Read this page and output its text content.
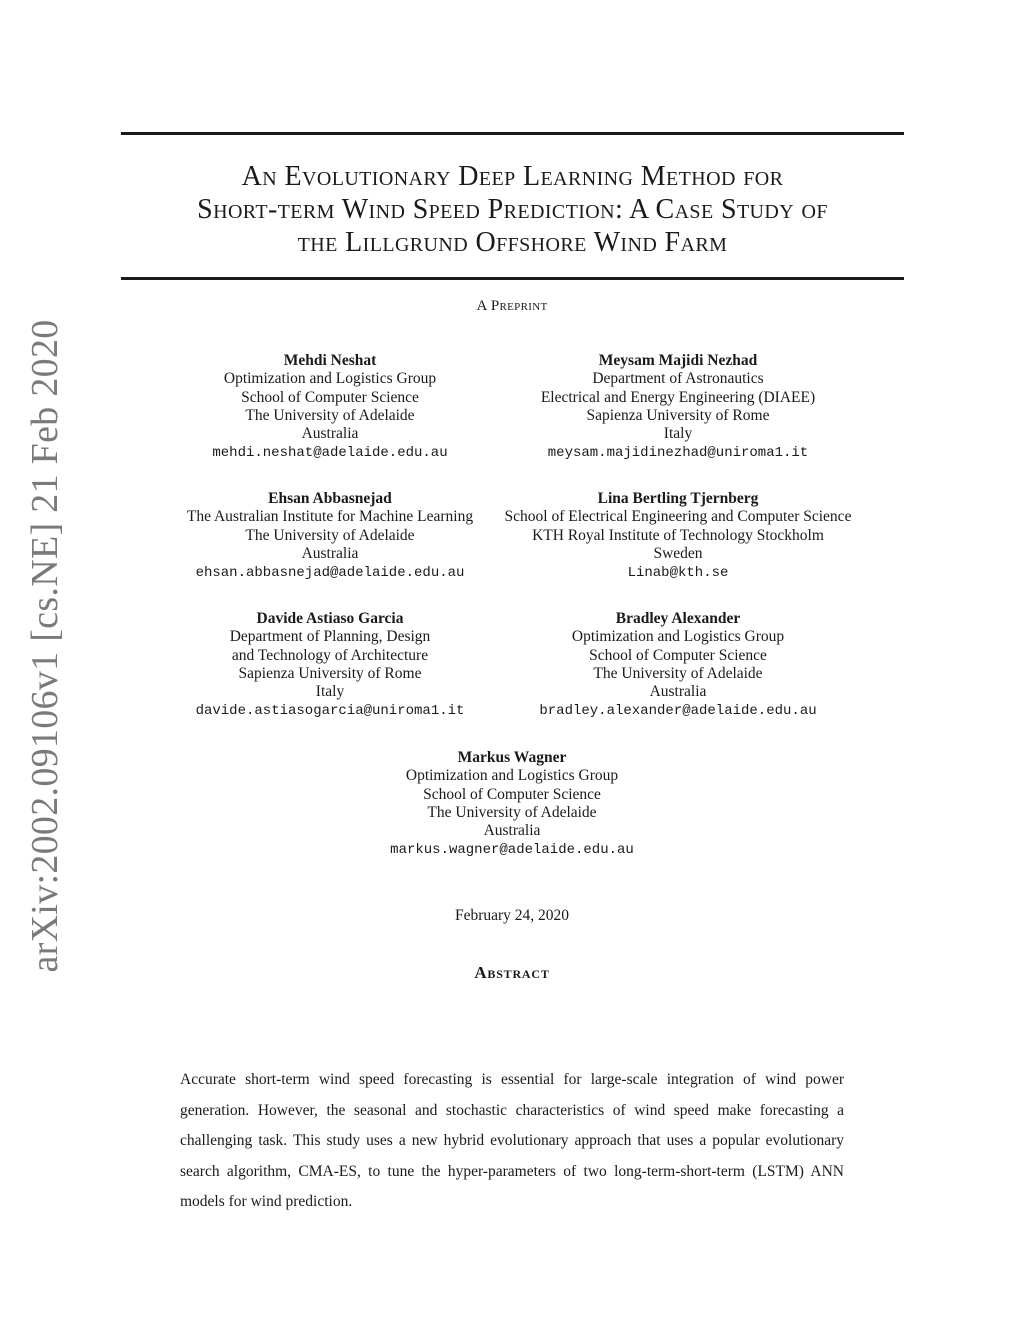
arXiv:2002.09106v1 [cs.NE] 21 Feb 2020
An Evolutionary Deep Learning Method for
Short-term Wind Speed Prediction: A Case Study of
the Lillgrund Offshore Wind Farm
A Preprint
Mehdi Neshat
Optimization and Logistics Group
School of Computer Science
The University of Adelaide
Australia
mehdi.neshat@adelaide.edu.au
Meysam Majidi Nezhad
Department of Astronautics
Electrical and Energy Engineering (DIAEE)
Sapienza University of Rome
Italy
meysam.majidinezhad@uniroma1.it
Ehsan Abbasnejad
The Australian Institute for Machine Learning
The University of Adelaide
Australia
ehsan.abbasnejad@adelaide.edu.au
Lina Bertling Tjernberg
School of Electrical Engineering and Computer Science
KTH Royal Institute of Technology Stockholm
Sweden
Linab@kth.se
Davide Astiaso Garcia
Department of Planning, Design
and Technology of Architecture
Sapienza University of Rome
Italy
davide.astiasogarcia@uniroma1.it
Bradley Alexander
Optimization and Logistics Group
School of Computer Science
The University of Adelaide
Australia
bradley.alexander@adelaide.edu.au
Markus Wagner
Optimization and Logistics Group
School of Computer Science
The University of Adelaide
Australia
markus.wagner@adelaide.edu.au
February 24, 2020
Abstract

Accurate short-term wind speed forecasting is essential for large-scale integration of wind power generation. However, the seasonal and stochastic characteristics of wind speed make forecasting a challenging task. This study uses a new hybrid evolutionary approach that uses a popular evolutionary search algorithm, CMA-ES, to tune the hyper-parameters of two long-term-short-term (LSTM) ANN models for wind prediction.
